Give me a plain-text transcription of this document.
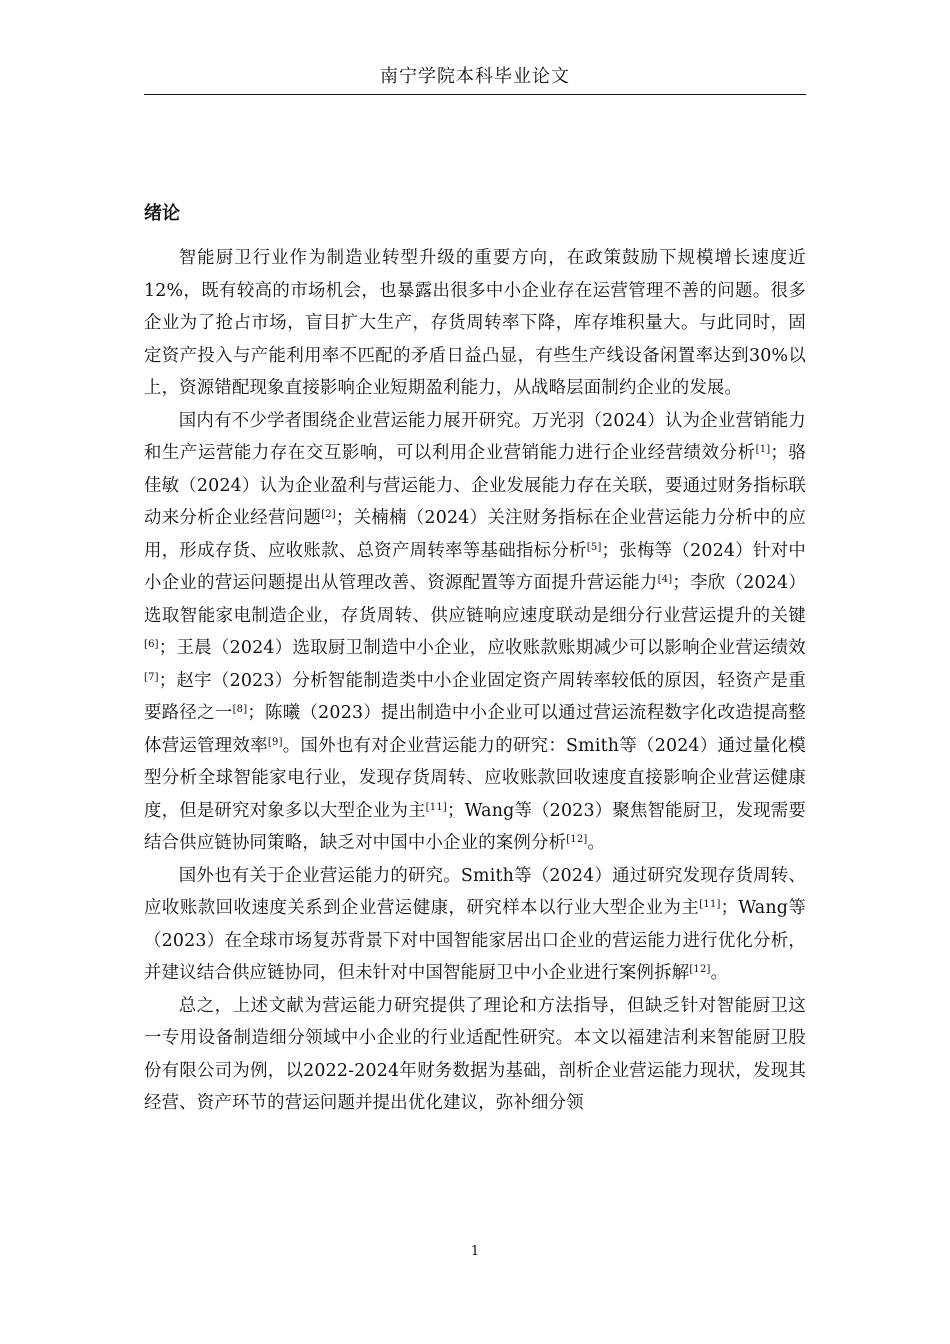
南宁学院本科毕业论文
绪论

智能厨卫行业作为制造业转型升级的重要方向，在政策鼓励下规模增长速度近12%，既有较高的市场机会，也暴露出很多中小企业存在运营管理不善的问题。很多企业为了抢占市场，盲目扩大生产，存货周转率下降，库存堆积量大。与此同时，固定资产投入与产能利用率不匹配的矛盾日益凸显，有些生产线设备闲置率达到30%以上，资源错配现象直接影响企业短期盈利能力，从战略层面制约企业的发展。

国内有不少学者围绕企业营运能力展开研究。万光羽（2024）认为企业营销能力和生产运营能力存在交互影响，可以利用企业营销能力进行企业经营绩效分析[1]；骆佳敏（2024）认为企业盈利与营运能力、企业发展能力存在关联，要通过财务指标联动来分析企业经营问题[2]；关楠楠（2024）关注财务指标在企业营运能力分析中的应用，形成存货、应收账款、总资产周转率等基础指标分析[5]；张梅等（2024）针对中小企业的营运问题提出从管理改善、资源配置等方面提升营运能力[4]；李欣（2024）选取智能家电制造企业，存货周转、供应链响应速度联动是细分行业营运提升的关键[6]；王晨（2024）选取厨卫制造中小企业，应收账款账期减少可以影响企业营运绩效[7]；赵宇（2023）分析智能制造类中小企业固定资产周转率较低的原因，轻资产是重要路径之一[8]；陈曦（2023）提出制造中小企业可以通过营运流程数字化改造提高整体营运管理效率[9]。国外也有对企业营运能力的研究：Smith等（2024）通过量化模型分析全球智能家电行业，发现存货周转、应收账款回收速度直接影响企业营运健康度，但是研究对象多以大型企业为主[11]；Wang等（2023）聚焦智能厨卫，发现需要结合供应链协同策略，缺乏对中国中小企业的案例分析[12]。

国外也有关于企业营运能力的研究。Smith等（2024）通过研究发现存货周转、应收账款回收速度关系到企业营运健康，研究样本以行业大型企业为主[11]；Wang等（2023）在全球市场复苏背景下对中国智能家居出口企业的营运能力进行优化分析，并建议结合供应链协同，但未针对中国智能厨卫中小企业进行案例拆解[12]。

总之，上述文献为营运能力研究提供了理论和方法指导，但缺乏针对智能厨卫这一专用设备制造细分领域中小企业的行业适配性研究。本文以福建洁利来智能厨卫股份有限公司为例，以2022-2024年财务数据为基础，剖析企业营运能力现状，发现其经营、资产环节的营运问题并提出优化建议，弥补细分领

1
